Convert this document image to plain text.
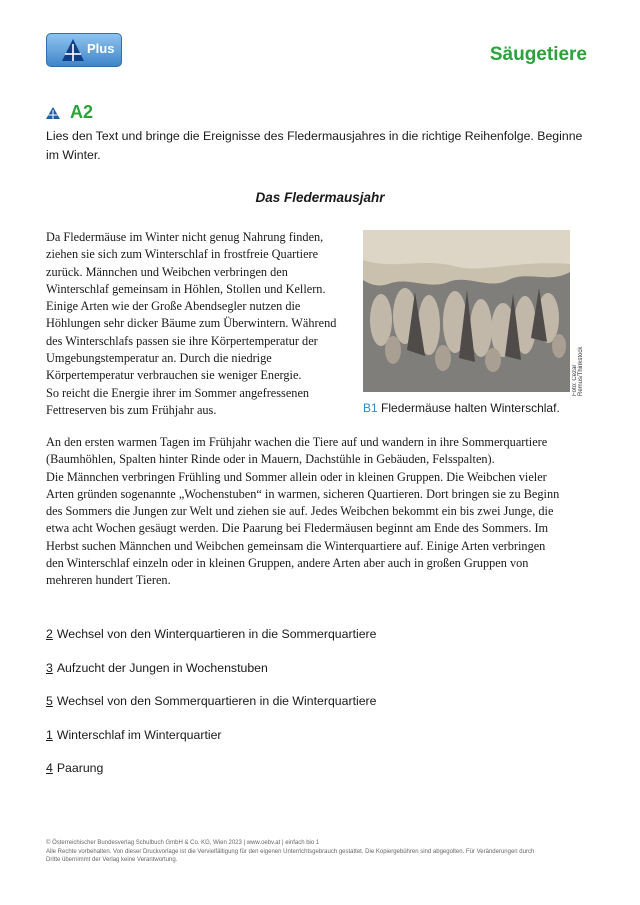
Plus	Säugetiere
A2
Lies den Text und bringe die Ereignisse des Fledermausjahres in die richtige Reihenfolge. Beginne im Winter.
Das Fledermausjahr
Da Fledermäuse im Winter nicht genug Nahrung finden,
ziehen sie sich zum Winterschlaf in frostfreie Quartiere
zurück. Männchen und Weibchen verbringen den
Winterschlaf gemeinsam in Höhlen, Stollen und Kellern.
Einige Arten wie der Große Abendsegler nutzen die
Höhlungen sehr dicker Bäume zum Überwintern. Während
des Winterschlafs passen sie ihre Körpertemperatur der
Umgebungstemperatur an. Durch die niedrige
Körpertemperatur verbrauchen sie weniger Energie.
So reicht die Energie ihrer im Sommer angefressenen
Fettreserven bis zum Frühjahr aus.
Foto: Cezar Remus/Thinkstock
B1 Fledermäuse halten Winterschlaf.
An den ersten warmen Tagen im Frühjahr wachen die Tiere auf und wandern in ihre Sommerquartiere
(Baumhöhlen, Spalten hinter Rinde oder in Mauern, Dachstühle in Gebäuden, Felsspalten).
Die Männchen verbringen Frühling und Sommer allein oder in kleinen Gruppen. Die Weibchen vieler
Arten gründen sogenannte „Wochenstuben“ in warmen, sicheren Quartieren. Dort bringen sie zu Beginn
des Sommers die Jungen zur Welt und ziehen sie auf. Jedes Weibchen bekommt ein bis zwei Junge, die
etwa acht Wochen gesäugt werden. Die Paarung bei Fledermäusen beginnt am Ende des Sommers. Im
Herbst suchen Männchen und Weibchen gemeinsam die Winterquartiere auf. Einige Arten verbringen
den Winterschlaf einzeln oder in kleinen Gruppen, andere Arten aber auch in großen Gruppen von
mehreren hundert Tieren.
2 Wechsel von den Winterquartieren in die Sommerquartiere
3 Aufzucht der Jungen in Wochenstuben
5 Wechsel von den Sommerquartieren in die Winterquartiere
1 Winterschlaf im Winterquartier
4 Paarung
© Österreichischer Bundesverlag Schulbuch GmbH & Co. KG, Wien 2023 | www.oebv.at | einfach bio 1
Alle Rechte vorbehalten. Von dieser Druckvorlage ist die Vervielfältigung für den eigenen Unterrichtsgebrauch gestattet. Die Kopiergebühren sind abgegolten. Für Veränderungen durch
Dritte übernimmt der Verlag keine Verantwortung.
